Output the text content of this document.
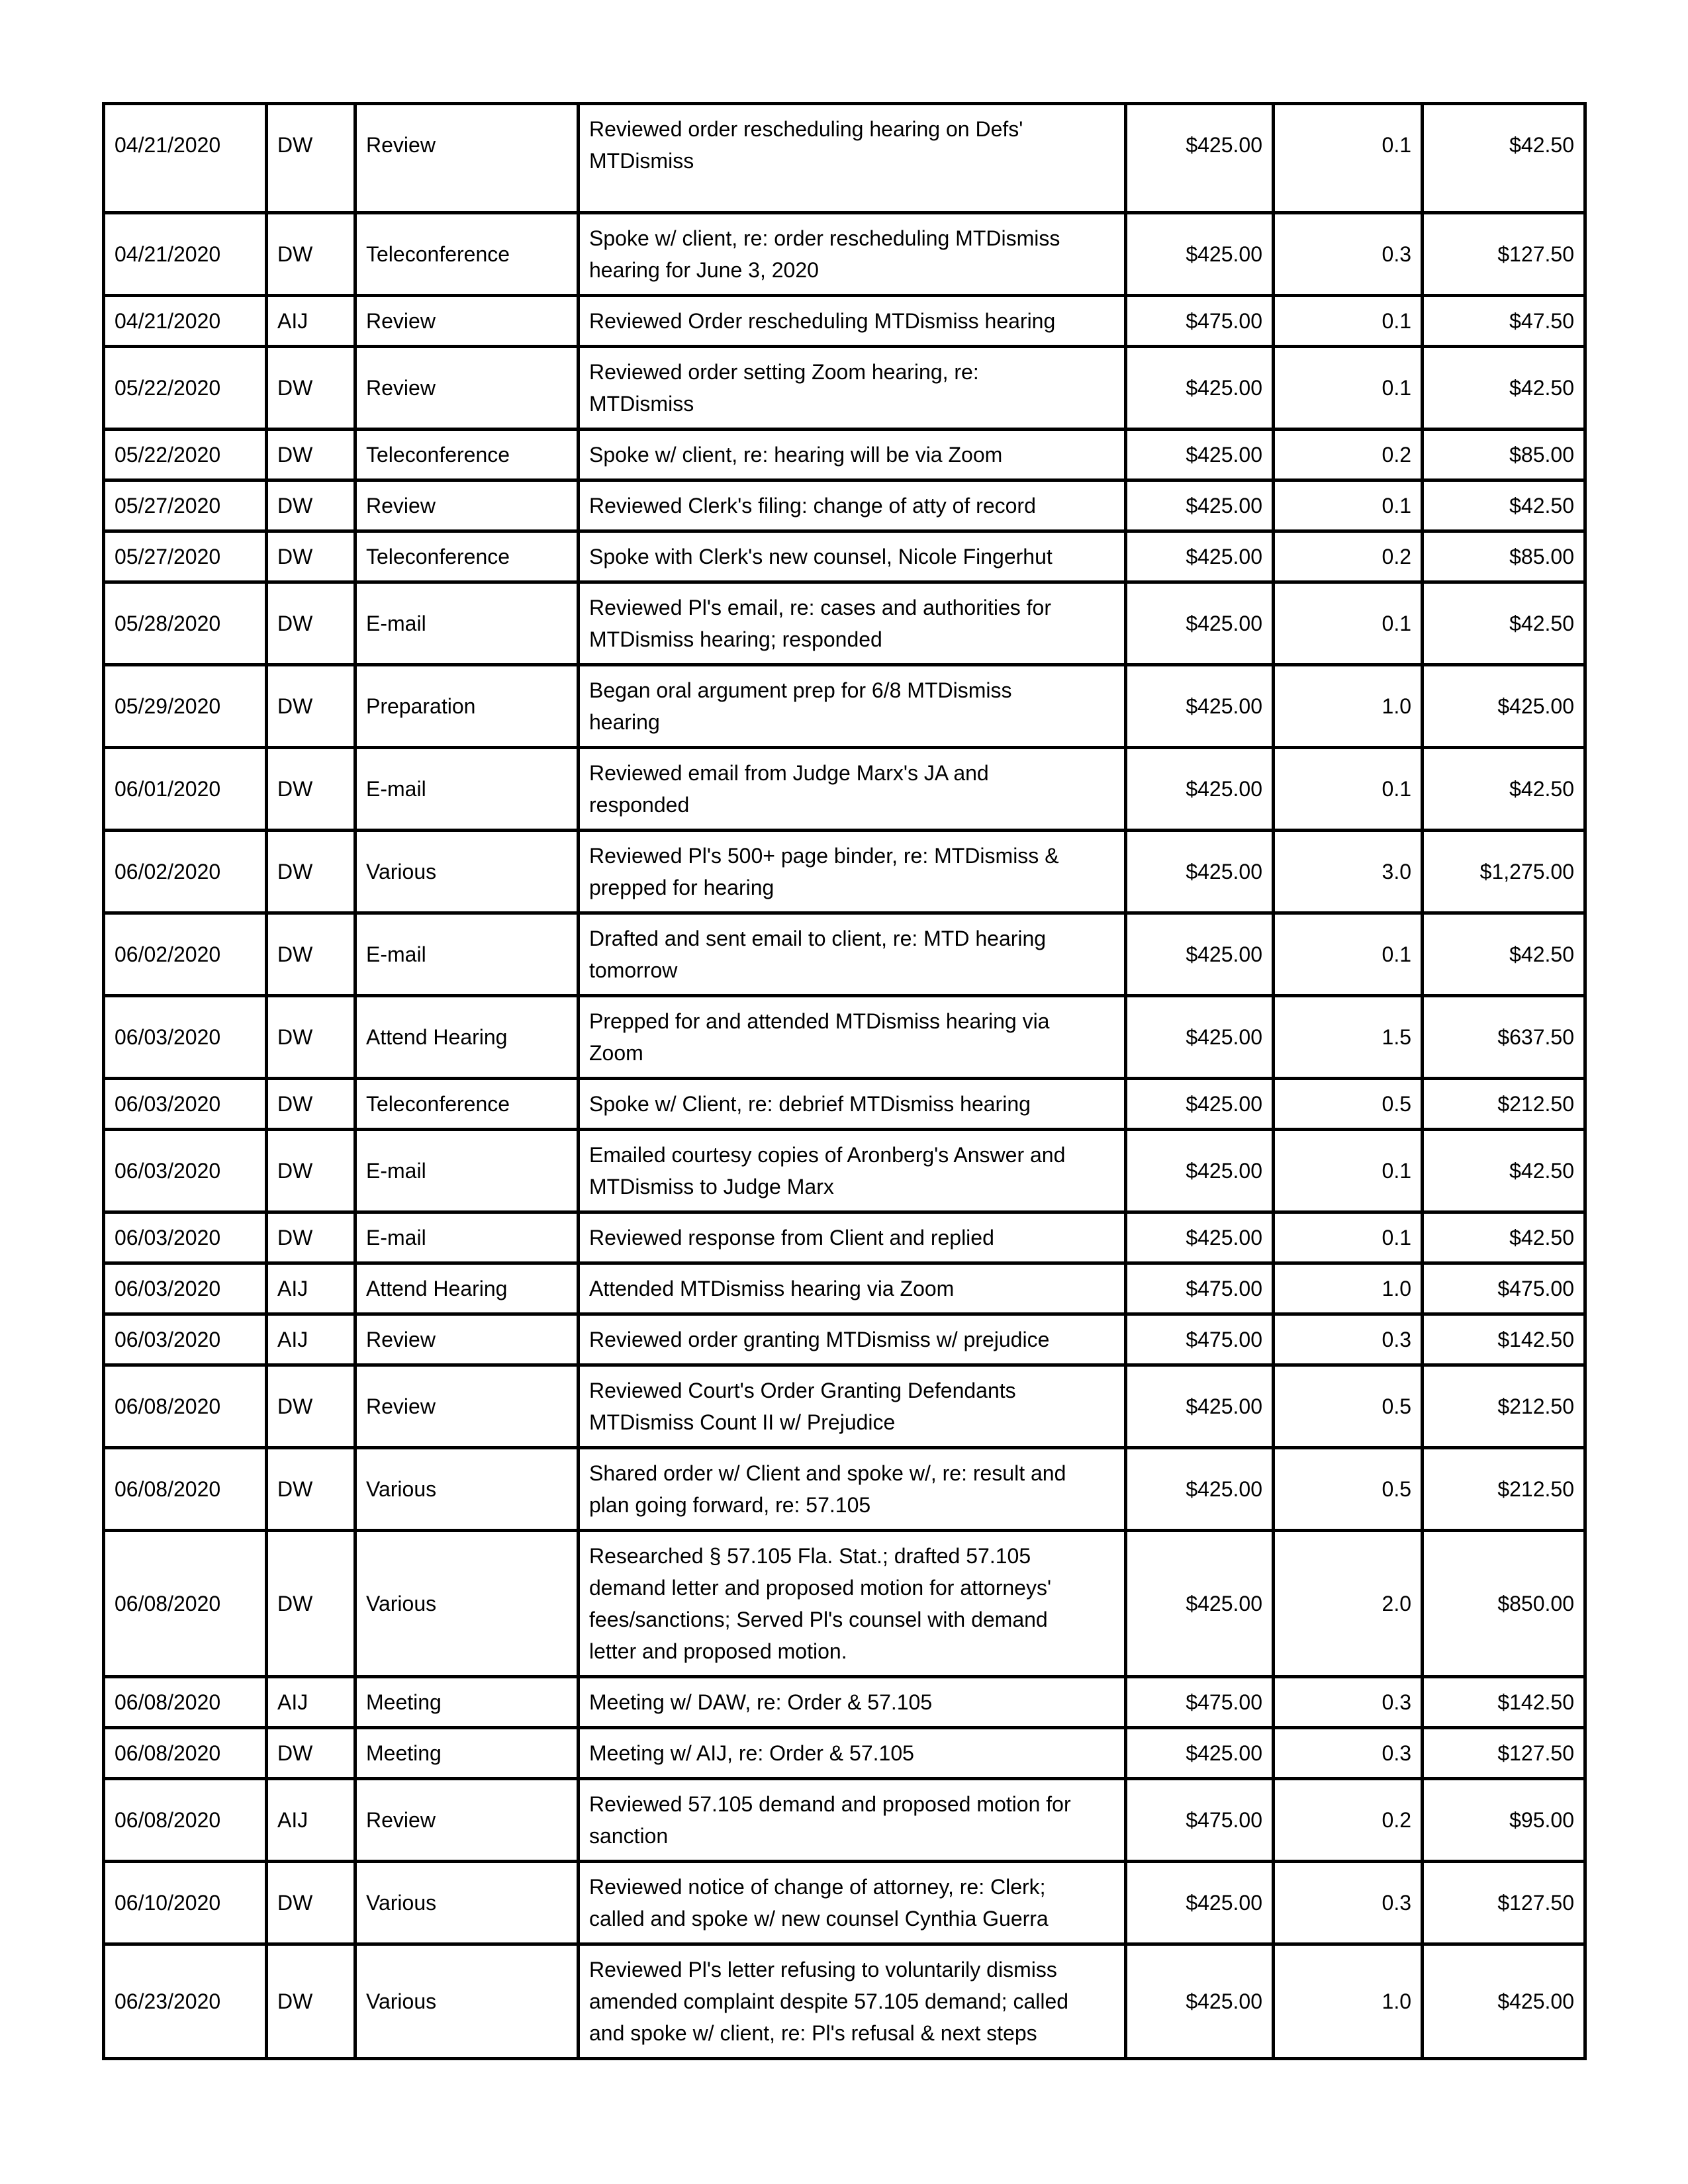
04/21/2020	DW	Review	Reviewed order rescheduling hearing on Defs'
MTDismiss	$425.00	0.1	$42.50
04/21/2020	DW	Teleconference	Spoke w/ client, re: order rescheduling MTDismiss
hearing for June 3, 2020	$425.00	0.3	$127.50
04/21/2020	AIJ	Review	Reviewed Order rescheduling MTDismiss hearing	$475.00	0.1	$47.50
05/22/2020	DW	Review	Reviewed order setting Zoom hearing, re:
MTDismiss	$425.00	0.1	$42.50
05/22/2020	DW	Teleconference	Spoke w/ client, re: hearing will be via Zoom	$425.00	0.2	$85.00
05/27/2020	DW	Review	Reviewed Clerk's filing: change of atty of record	$425.00	0.1	$42.50
05/27/2020	DW	Teleconference	Spoke with Clerk's new counsel, Nicole Fingerhut	$425.00	0.2	$85.00
05/28/2020	DW	E-mail	Reviewed Pl's email, re: cases and authorities for
MTDismiss hearing; responded	$425.00	0.1	$42.50
05/29/2020	DW	Preparation	Began oral argument prep for 6/8 MTDismiss
hearing	$425.00	1.0	$425.00
06/01/2020	DW	E-mail	Reviewed email from Judge Marx's JA and
responded	$425.00	0.1	$42.50
06/02/2020	DW	Various	Reviewed Pl's 500+ page binder, re: MTDismiss &
prepped for hearing	$425.00	3.0	$1,275.00
06/02/2020	DW	E-mail	Drafted and sent email to client, re: MTD hearing
tomorrow	$425.00	0.1	$42.50
06/03/2020	DW	Attend Hearing	Prepped for and attended MTDismiss hearing via
Zoom	$425.00	1.5	$637.50
06/03/2020	DW	Teleconference	Spoke w/ Client, re: debrief MTDismiss hearing	$425.00	0.5	$212.50
06/03/2020	DW	E-mail	Emailed courtesy copies of Aronberg's Answer and
MTDismiss to Judge Marx	$425.00	0.1	$42.50
06/03/2020	DW	E-mail	Reviewed response from Client and replied	$425.00	0.1	$42.50
06/03/2020	AIJ	Attend Hearing	Attended MTDismiss hearing via Zoom	$475.00	1.0	$475.00
06/03/2020	AIJ	Review	Reviewed order granting MTDismiss w/ prejudice	$475.00	0.3	$142.50
06/08/2020	DW	Review	Reviewed Court's Order Granting Defendants
MTDismiss Count II w/ Prejudice	$425.00	0.5	$212.50
06/08/2020	DW	Various	Shared order w/ Client and spoke w/, re: result and
plan going forward, re: 57.105	$425.00	0.5	$212.50
06/08/2020	DW	Various	Researched § 57.105 Fla. Stat.; drafted 57.105
demand letter and proposed motion for attorneys'
fees/sanctions; Served Pl's counsel with demand
letter and proposed motion.	$425.00	2.0	$850.00
06/08/2020	AIJ	Meeting	Meeting w/ DAW, re: Order & 57.105	$475.00	0.3	$142.50
06/08/2020	DW	Meeting	Meeting w/ AIJ, re: Order & 57.105	$425.00	0.3	$127.50
06/08/2020	AIJ	Review	Reviewed 57.105 demand and proposed motion for
sanction	$475.00	0.2	$95.00
06/10/2020	DW	Various	Reviewed notice of change of attorney, re: Clerk;
called and spoke w/ new counsel Cynthia Guerra	$425.00	0.3	$127.50
06/23/2020	DW	Various	Reviewed Pl's letter refusing to voluntarily dismiss
amended complaint despite 57.105 demand; called
and spoke w/ client, re: Pl's refusal & next steps	$425.00	1.0	$425.00
